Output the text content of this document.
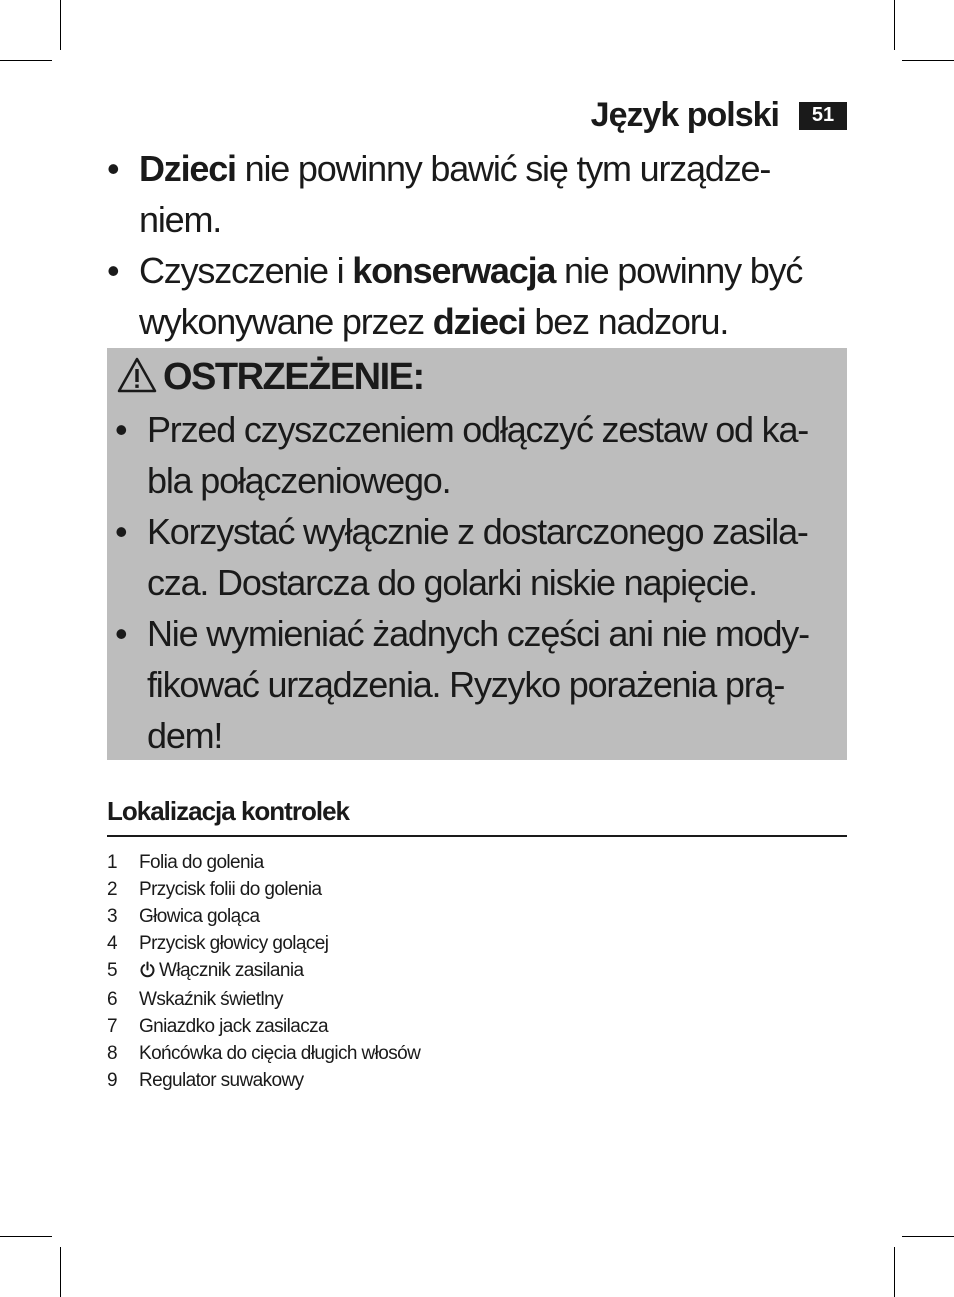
Język polski	51
• Dzieci nie powinny bawić się tym urządze-niem.
• Czyszczenie i konserwacja nie powinny być wykonywane przez dzieci bez nadzoru.
OSTRZEŻENIE:
• Przed czyszczeniem odłączyć zestaw od ka-bla połączeniowego.
• Korzystać wyłącznie z dostarczonego zasila-cza. Dostarcza do golarki niskie napięcie.
• Nie wymieniać żadnych części ani nie mody-fikować urządzenia. Ryzyko porażenia prą-dem!
Lokalizacja kontrolek
1	Folia do golenia
2	Przycisk folii do golenia
3	Głowica goląca
4	Przycisk głowicy golącej
5	Włącznik zasilania
6	Wskaźnik świetlny
7	Gniazdko jack zasilacza
8	Końcówka do cięcia długich włosów
9	Regulator suwakowy
